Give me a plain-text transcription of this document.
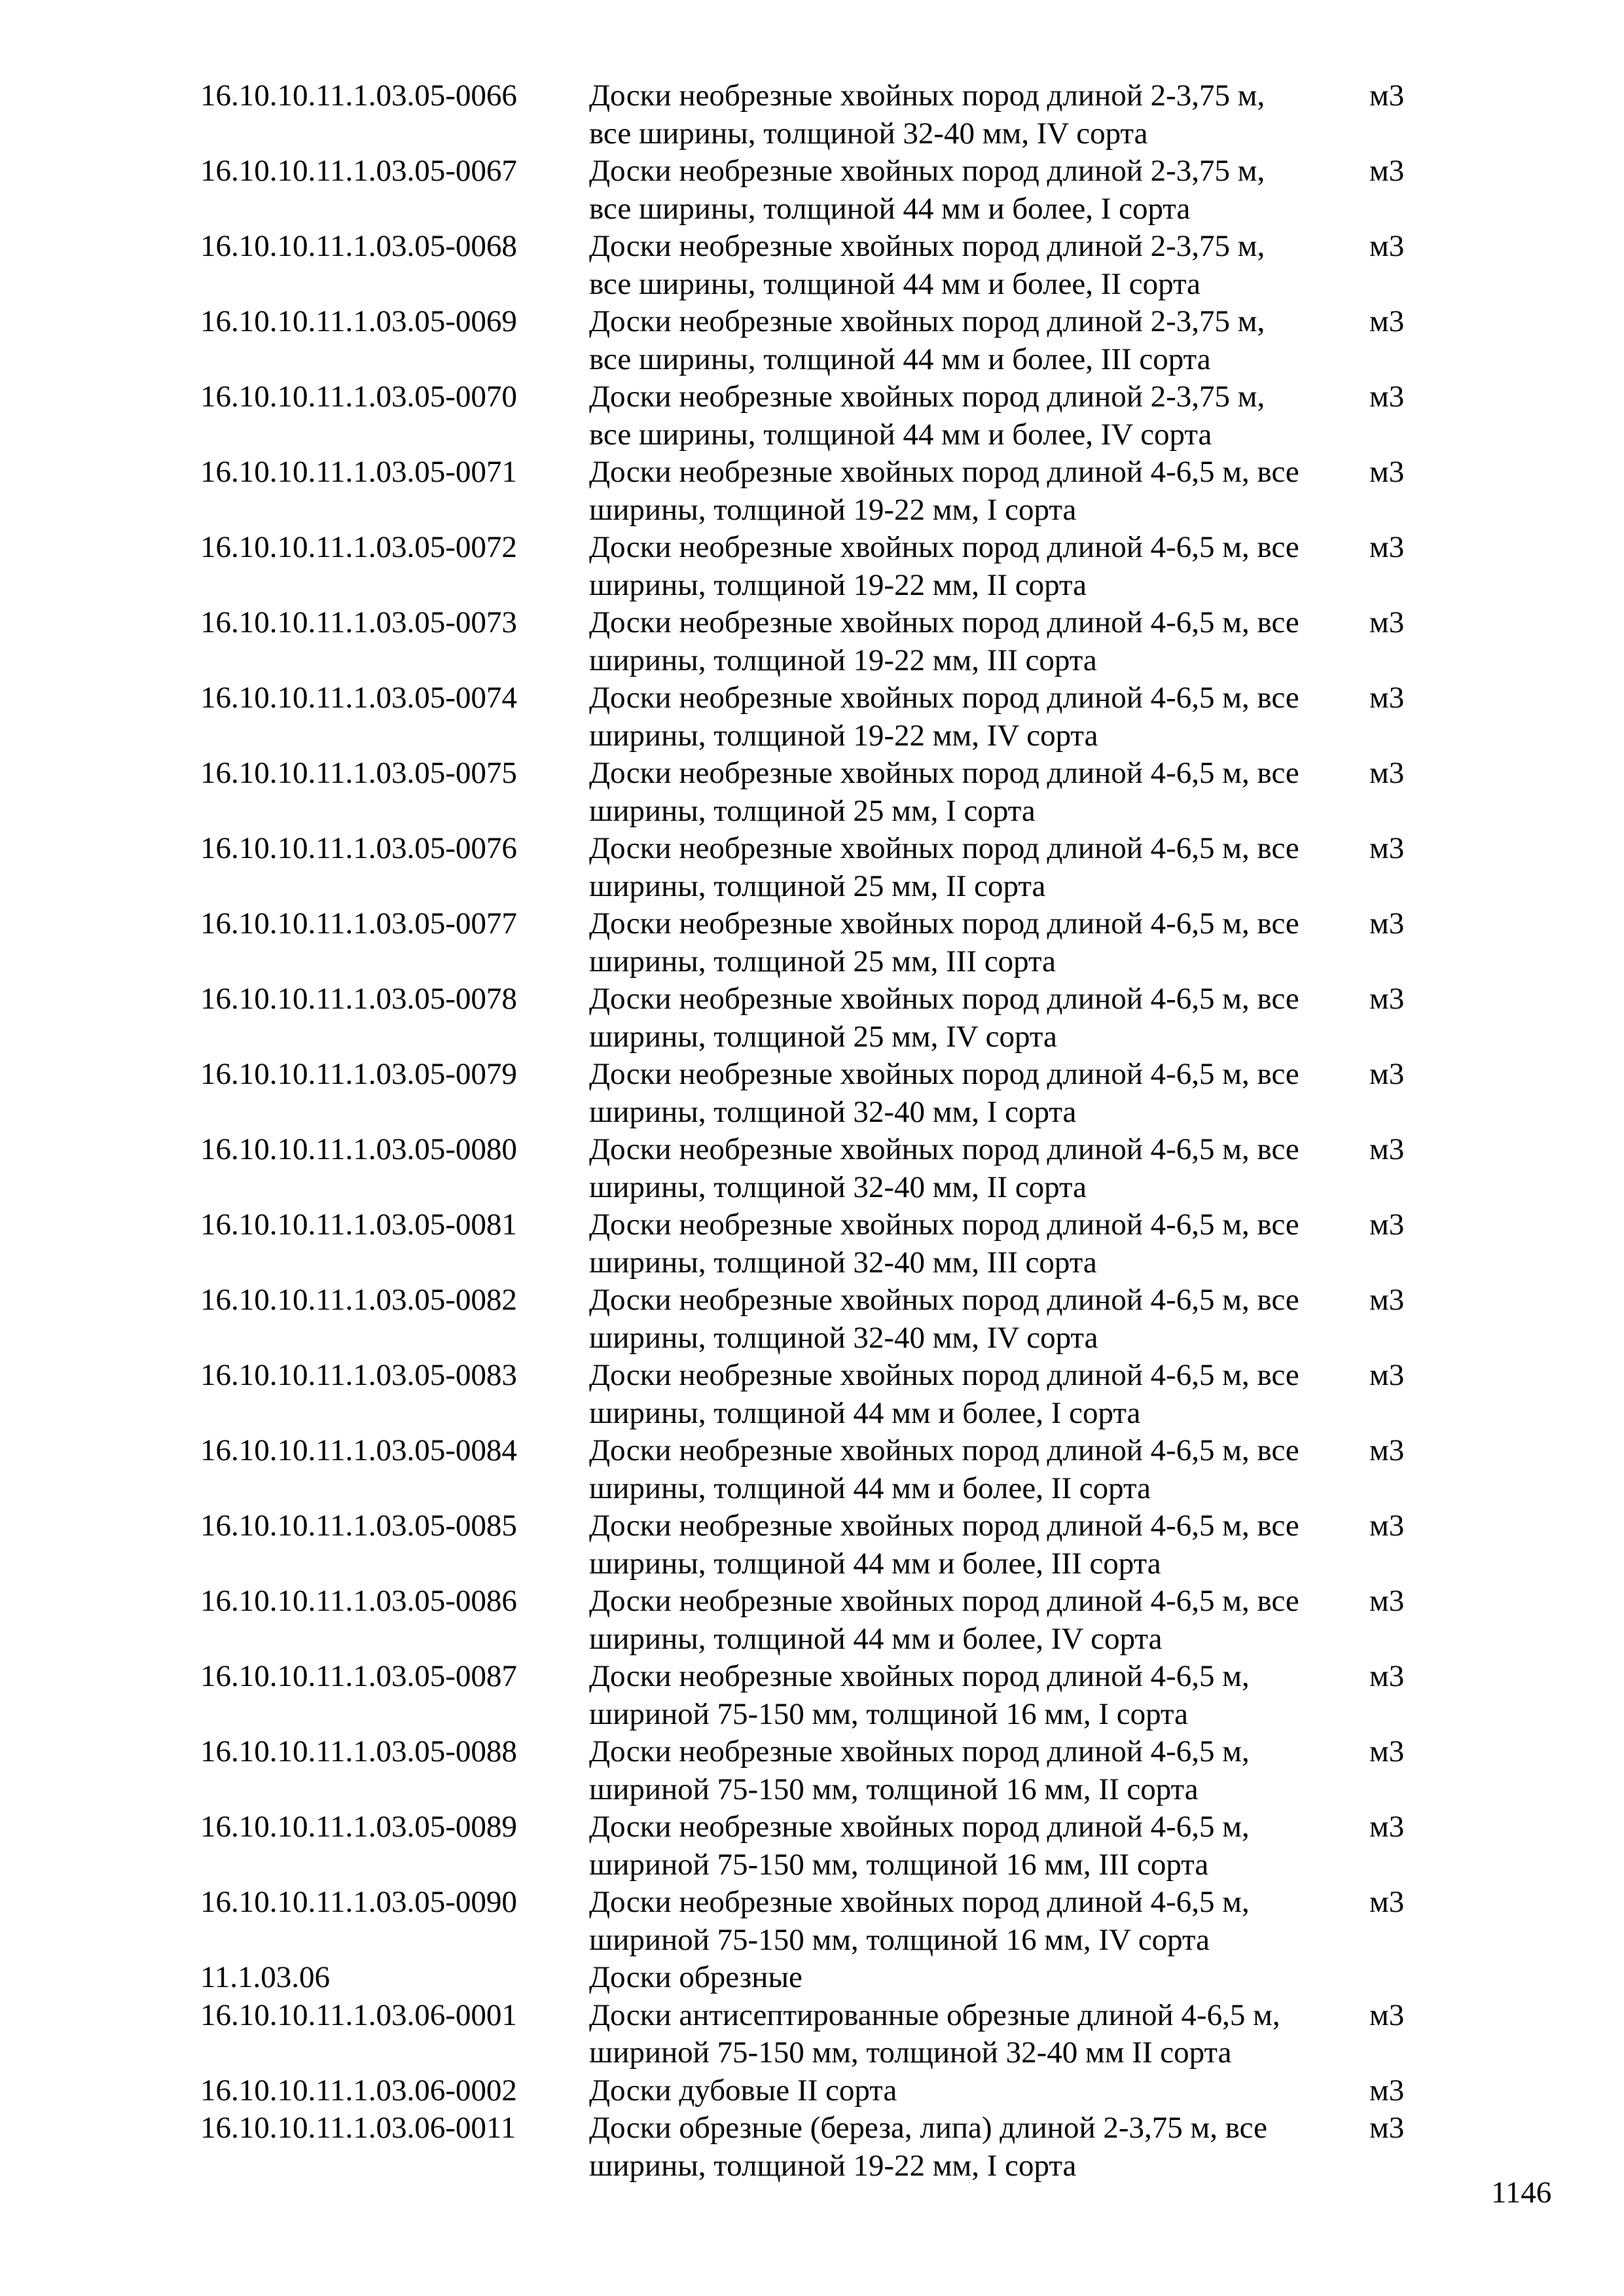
16.10.10.11.1.03.05-0066	Доски необрезные хвойных пород длиной 2-3,75 м,
все ширины, толщиной 32-40 мм, IV сорта
м3
16.10.10.11.1.03.05-0067	Доски необрезные хвойных пород длиной 2-3,75 м,
все ширины, толщиной 44 мм и более, I сорта
м3
16.10.10.11.1.03.05-0068	Доски необрезные хвойных пород длиной 2-3,75 м,
все ширины, толщиной 44 мм и более, II сорта
м3
16.10.10.11.1.03.05-0069	Доски необрезные хвойных пород длиной 2-3,75 м,
все ширины, толщиной 44 мм и более, III сорта
м3
16.10.10.11.1.03.05-0070	Доски необрезные хвойных пород длиной 2-3,75 м,
все ширины, толщиной 44 мм и более, IV сорта
м3
16.10.10.11.1.03.05-0071	Доски необрезные хвойных пород длиной 4-6,5 м, все
ширины, толщиной 19-22 мм, I сорта
м3
16.10.10.11.1.03.05-0072	Доски необрезные хвойных пород длиной 4-6,5 м, все
ширины, толщиной 19-22 мм, II сорта
м3
16.10.10.11.1.03.05-0073	Доски необрезные хвойных пород длиной 4-6,5 м, все
ширины, толщиной 19-22 мм, III сорта
м3
16.10.10.11.1.03.05-0074	Доски необрезные хвойных пород длиной 4-6,5 м, все
ширины, толщиной 19-22 мм, IV сорта
м3
16.10.10.11.1.03.05-0075	Доски необрезные хвойных пород длиной 4-6,5 м, все
ширины, толщиной 25 мм, I сорта
м3
16.10.10.11.1.03.05-0076	Доски необрезные хвойных пород длиной 4-6,5 м, все
ширины, толщиной 25 мм, II сорта
м3
16.10.10.11.1.03.05-0077	Доски необрезные хвойных пород длиной 4-6,5 м, все
ширины, толщиной 25 мм, III сорта
м3
16.10.10.11.1.03.05-0078	Доски необрезные хвойных пород длиной 4-6,5 м, все
ширины, толщиной 25 мм, IV сорта
м3
16.10.10.11.1.03.05-0079	Доски необрезные хвойных пород длиной 4-6,5 м, все
ширины, толщиной 32-40 мм, I сорта
м3
16.10.10.11.1.03.05-0080	Доски необрезные хвойных пород длиной 4-6,5 м, все
ширины, толщиной 32-40 мм, II сорта
м3
16.10.10.11.1.03.05-0081	Доски необрезные хвойных пород длиной 4-6,5 м, все
ширины, толщиной 32-40 мм, III сорта
м3
16.10.10.11.1.03.05-0082	Доски необрезные хвойных пород длиной 4-6,5 м, все
ширины, толщиной 32-40 мм, IV сорта
м3
16.10.10.11.1.03.05-0083	Доски необрезные хвойных пород длиной 4-6,5 м, все
ширины, толщиной 44 мм и более, I сорта
м3
16.10.10.11.1.03.05-0084	Доски необрезные хвойных пород длиной 4-6,5 м, все
ширины, толщиной 44 мм и более, II сорта
м3
16.10.10.11.1.03.05-0085	Доски необрезные хвойных пород длиной 4-6,5 м, все
ширины, толщиной 44 мм и более, III сорта
м3
16.10.10.11.1.03.05-0086	Доски необрезные хвойных пород длиной 4-6,5 м, все
ширины, толщиной 44 мм и более, IV сорта
м3
16.10.10.11.1.03.05-0087	Доски необрезные хвойных пород длиной 4-6,5 м,
шириной 75-150 мм, толщиной 16 мм, I сорта
м3
16.10.10.11.1.03.05-0088	Доски необрезные хвойных пород длиной 4-6,5 м,
шириной 75-150 мм, толщиной 16 мм, II сорта
м3
16.10.10.11.1.03.05-0089	Доски необрезные хвойных пород длиной 4-6,5 м,
шириной 75-150 мм, толщиной 16 мм, III сорта
м3
16.10.10.11.1.03.05-0090	Доски необрезные хвойных пород длиной 4-6,5 м,
шириной 75-150 мм, толщиной 16 мм, IV сорта
м3
11.1.03.06	Доски обрезные
16.10.10.11.1.03.06-0001	Доски антисептированные обрезные длиной 4-6,5 м,
шириной 75-150 мм, толщиной 32-40 мм II сорта
м3
16.10.10.11.1.03.06-0002	Доски дубовые II сорта	м3
16.10.10.11.1.03.06-0011	Доски обрезные (береза, липа) длиной 2-3,75 м, все
ширины, толщиной 19-22 мм, I сорта
м3
1146
